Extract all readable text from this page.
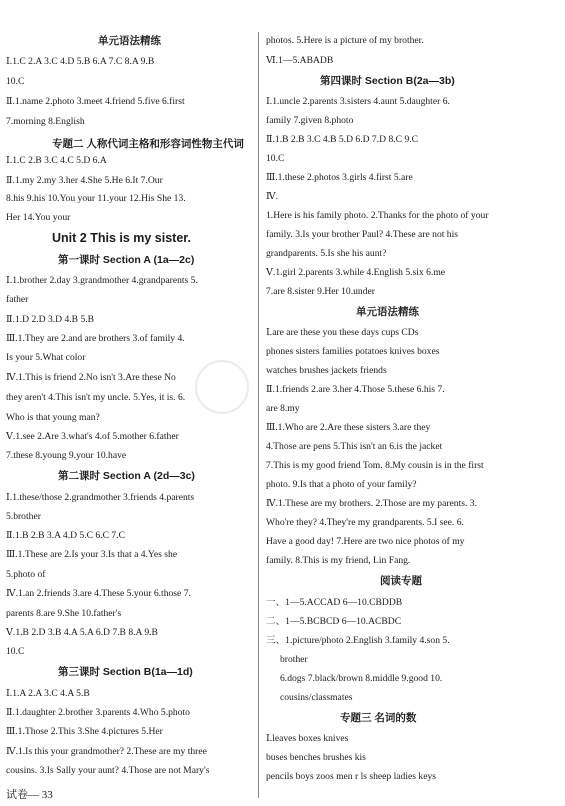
单元语法精练
Ⅰ.1.C 2.A 3.C 4.D 5.B 6.A 7.C 8.A 9.B
10.C
Ⅱ.1.name 2.photo 3.meet 4.friend 5.five 6.first
7.morning 8.English
专题二 人称代词主格和形容词性物主代词
Ⅰ.1.C 2.B 3.C 4.C 5.D 6.A
Ⅱ.1.my 2.my 3.her 4.She 5.He 6.It 7.Our
8.his 9.his 10.You your 11.your 12.His She 13.
Her 14.You your
Unit 2 This is my sister.
第一课时 Section A (1a—2c)
Ⅰ.1.brother 2.day 3.grandmother 4.grandparents 5.
father
Ⅱ.1.D 2.D 3.D 4.B 5.B
Ⅲ.1.They are 2.and are brothers 3.of family 4.
Is your 5.What color
Ⅳ.1.This is friend 2.No isn't 3.Are these No
they aren't 4.This isn't my uncle. 5.Yes, it is. 6.
Who is that young man?
Ⅴ.1.see 2.Are 3.what's 4.of 5.mother 6.father
7.these 8.young 9.your 10.have
第二课时 Section A (2d—3c)
Ⅰ.1.these/those 2.grandmother 3.friends 4.parents
5.brother
Ⅱ.1.B 2.B 3.A 4.D 5.C 6.C 7.C
Ⅲ.1.These are 2.Is your 3.Is that a 4.Yes she
5.photo of
Ⅳ.1.an 2.friends 3.are 4.These 5.your 6.those 7.
parents 8.are 9.She 10.father's
Ⅴ.1.B 2.D 3.B 4.A 5.A 6.D 7.B 8.A 9.B
10.C
第三课时 Section B(1a—1d)
Ⅰ.1.A 2.A 3.C 4.A 5.B
Ⅱ.1.daughter 2.brother 3.parents 4.Who 5.photo
Ⅲ.1.Those 2.This 3.She 4.pictures 5.Her
Ⅳ.1.Is this your grandmother? 2.These are my three
cousins. 3.Is Sally your aunt? 4.Those are not Mary's
photos. 5.Here is a picture of my brother.
Ⅵ.1—5.ABADB
第四课时 Section B(2a—3b)
Ⅰ.1.uncle 2.parents 3.sisters 4.aunt 5.daughter 6.
family 7.given 8.photo
Ⅱ.1.B 2.B 3.C 4.B 5.D 6.D 7.D 8.C 9.C
10.C
Ⅲ.1.these 2.photos 3.girls 4.first 5.are
Ⅳ.
1.Here is his family photo. 2.Thanks for the photo of your
family. 3.Is your brother Paul? 4.These are not his
grandparents. 5.Is she his aunt?
Ⅴ.1.girl 2.parents 3.while 4.English 5.six 6.me
7.are 8.sister 9.Her 10.under
单元语法精练
Ⅰ.are are these you these days cups CDs
phones sisters families potatoes knives boxes
watches brushes jackets friends
Ⅱ.1.friends 2.are 3.her 4.Those 5.these 6.his 7.
are 8.my
Ⅲ.1.Who are 2.Are these sisters 3.are they
4.Those are pens 5.This isn't an 6.is the jacket
7.This is my good friend Tom. 8.My cousin is in the first
photo. 9.Is that a photo of your family?
Ⅳ.1.These are my brothers. 2.Those are my parents. 3.
Who're they? 4.They're my grandparents. 5.I see. 6.
Have a good day! 7.Here are two nice photos of my
family. 8.This is my friend, Lin Fang.
阅读专题
一、1—5.ACCAD 6—10.CBDDB
二、1—5.BCBCD 6—10.ACBDC
三、1.picture/photo 2.English 3.family 4.son 5.
brother
6.dogs 7.black/brown 8.middle 9.good 10.
cousins/classmates
专题三 名词的数
Ⅰ.leaves boxes knives
buses benches brushes kis
pencils boys zoos men r ls sheep ladies keys
试卷— 33
